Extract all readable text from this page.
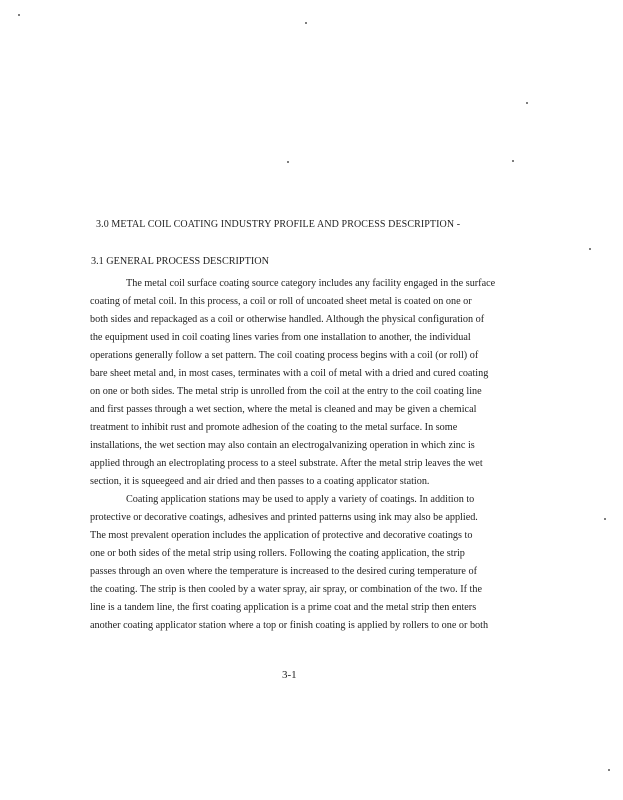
3.0 METAL COIL COATING INDUSTRY PROFILE AND PROCESS DESCRIPTION -
3.1 GENERAL PROCESS DESCRIPTION
The metal coil surface coating source category includes any facility engaged in the surface
coating of metal coil. In this process, a coil or roll of uncoated sheet metal is coated on one or
both sides and repackaged as a coil or otherwise handled. Although the physical configuration of
the equipment used in coil coating lines varies from one installation to another, the individual
operations generally follow a set pattern. The coil coating process begins with a coil (or roll) of
bare sheet metal and, in most cases, terminates with a coil of metal with a dried and cured coating
on one or both sides. The metal strip is unrolled from the coil at the entry to the coil coating line
and first passes through a wet section, where the metal is cleaned and may be given a chemical
treatment to inhibit rust and promote adhesion of the coating to the metal surface. In some
installations, the wet section may also contain an electrogalvanizing operation in which zinc is
applied through an electroplating process to a steel substrate. After the metal strip leaves the wet
section, it is squeegeed and air dried and then passes to a coating applicator station.
Coating application stations may be used to apply a variety of coatings. In addition to
protective or decorative coatings, adhesives and printed patterns using ink may also be applied.
The most prevalent operation includes the application of protective and decorative coatings to
one or both sides of the metal strip using rollers. Following the coating application, the strip
passes through an oven where the temperature is increased to the desired curing temperature of
the coating. The strip is then cooled by a water spray, air spray, or combination of the two. If the
line is a tandem line, the first coating application is a prime coat and the metal strip then enters
another coating applicator station where a top or finish coating is applied by rollers to one or both
3-1
